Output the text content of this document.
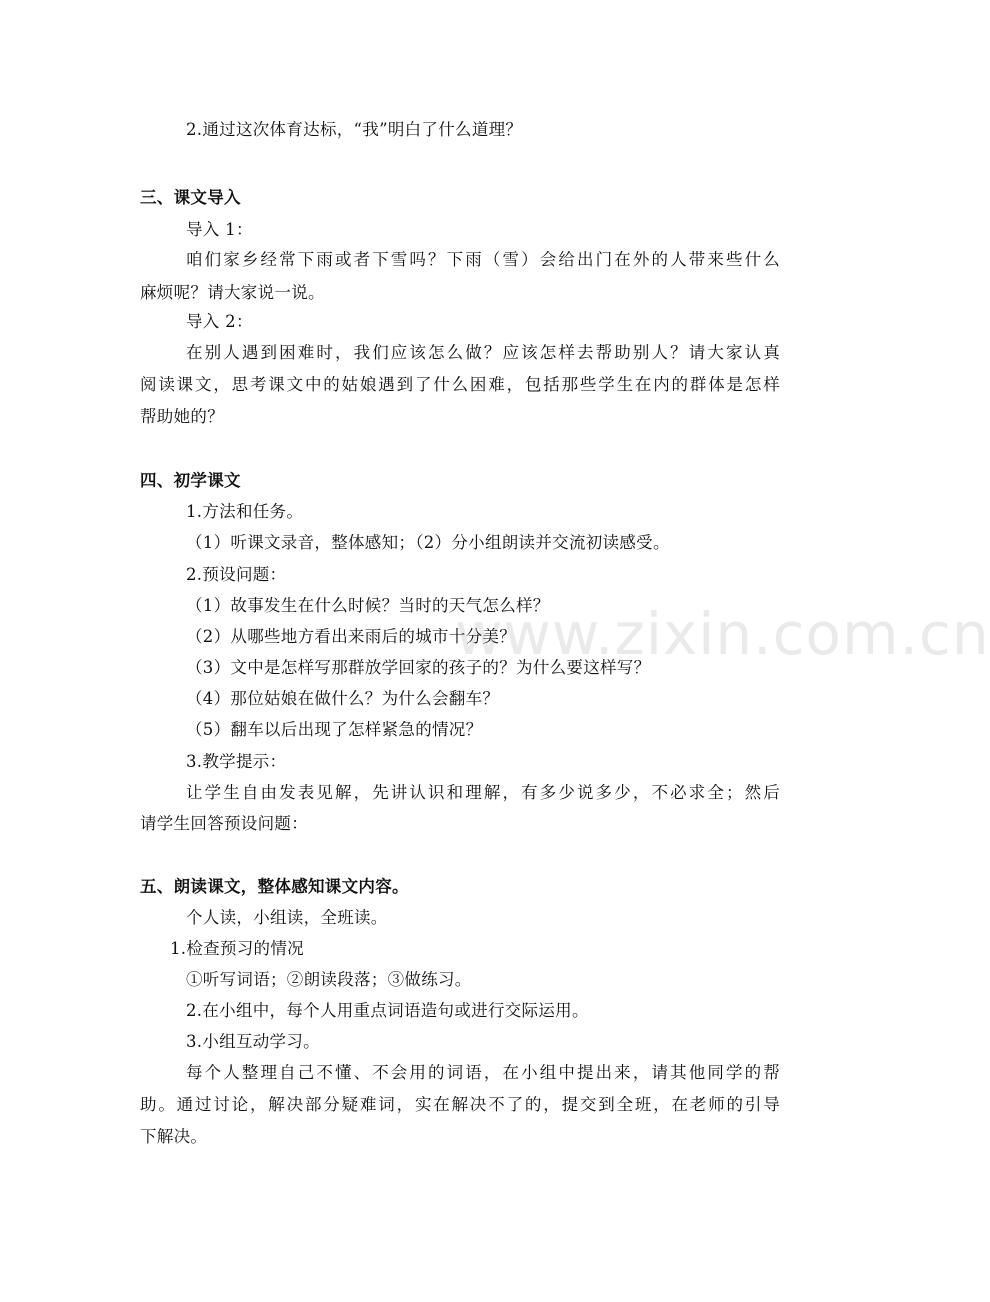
www.zixin.com.cn
2.通过这次体育达标，“我”明白了什么道理？
三、课文导入
导入 1：
咱们家乡经常下雨或者下雪吗？下雨（雪）会给出门在外的人带来些什么
麻烦呢？请大家说一说。
导入 2：
在别人遇到困难时，我们应该怎么做？应该怎样去帮助别人？请大家认真
阅读课文，思考课文中的姑娘遇到了什么困难，包括那些学生在内的群体是怎样
帮助她的？
四、初学课文
1.方法和任务。
（1）听课文录音，整体感知；（2）分小组朗读并交流初读感受。
2.预设问题：
（1）故事发生在什么时候？当时的天气怎么样？
（2）从哪些地方看出来雨后的城市十分美？
（3）文中是怎样写那群放学回家的孩子的？为什么要这样写？
（4）那位姑娘在做什么？为什么会翻车？
（5）翻车以后出现了怎样紧急的情况？
3.教学提示：
让学生自由发表见解，先讲认识和理解，有多少说多少，不必求全；然后
请学生回答预设问题：
五、朗读课文，整体感知课文内容。
个人读，小组读，全班读。
1.检查预习的情况
①听写词语；②朗读段落；③做练习。
2.在小组中，每个人用重点词语造句或进行交际运用。
3.小组互动学习。
每个人整理自己不懂、不会用的词语，在小组中提出来，请其他同学的帮
助。通过讨论，解决部分疑难词，实在解决不了的，提交到全班，在老师的引导
下解决。
